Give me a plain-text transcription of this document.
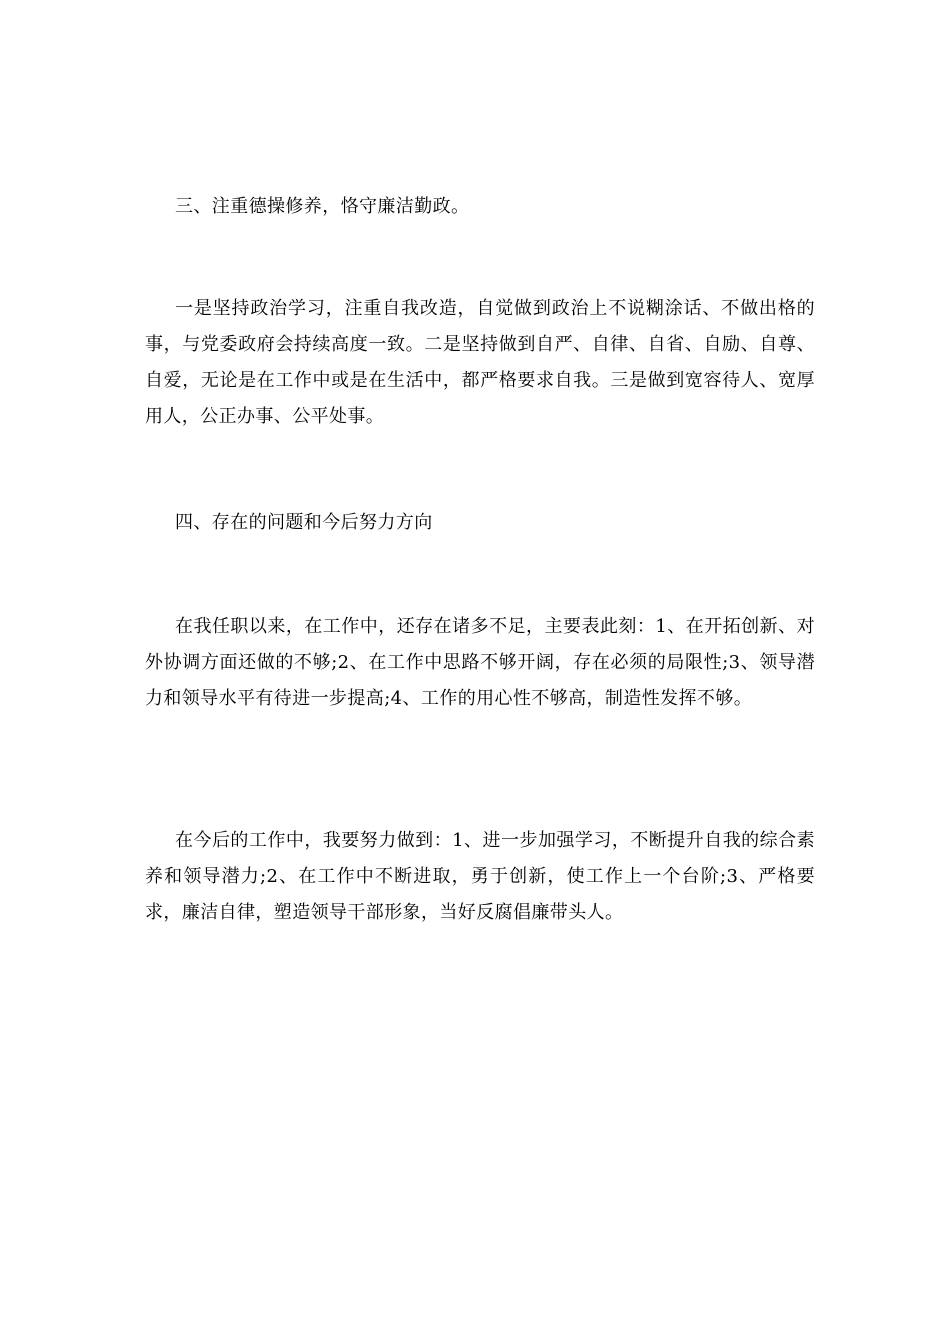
三、注重德操修养，恪守廉洁勤政。

一是坚持政治学习，注重自我改造，自觉做到政治上不说糊涂话、不做出格的事，与党委政府会持续高度一致。二是坚持做到自严、自律、自省、自励、自尊、自爱，无论是在工作中或是在生活中，都严格要求自我。三是做到宽容待人、宽厚用人，公正办事、公平处事。

四、存在的问题和今后努力方向

在我任职以来，在工作中，还存在诸多不足，主要表此刻：1、在开拓创新、对外协调方面还做的不够;2、在工作中思路不够开阔，存在必须的局限性;3、领导潜力和领导水平有待进一步提高;4、工作的用心性不够高，制造性发挥不够。

在今后的工作中，我要努力做到：1、进一步加强学习，不断提升自我的综合素养和领导潜力;2、在工作中不断进取，勇于创新，使工作上一个台阶;3、严格要求，廉洁自律，塑造领导干部形象，当好反腐倡廉带头人。
